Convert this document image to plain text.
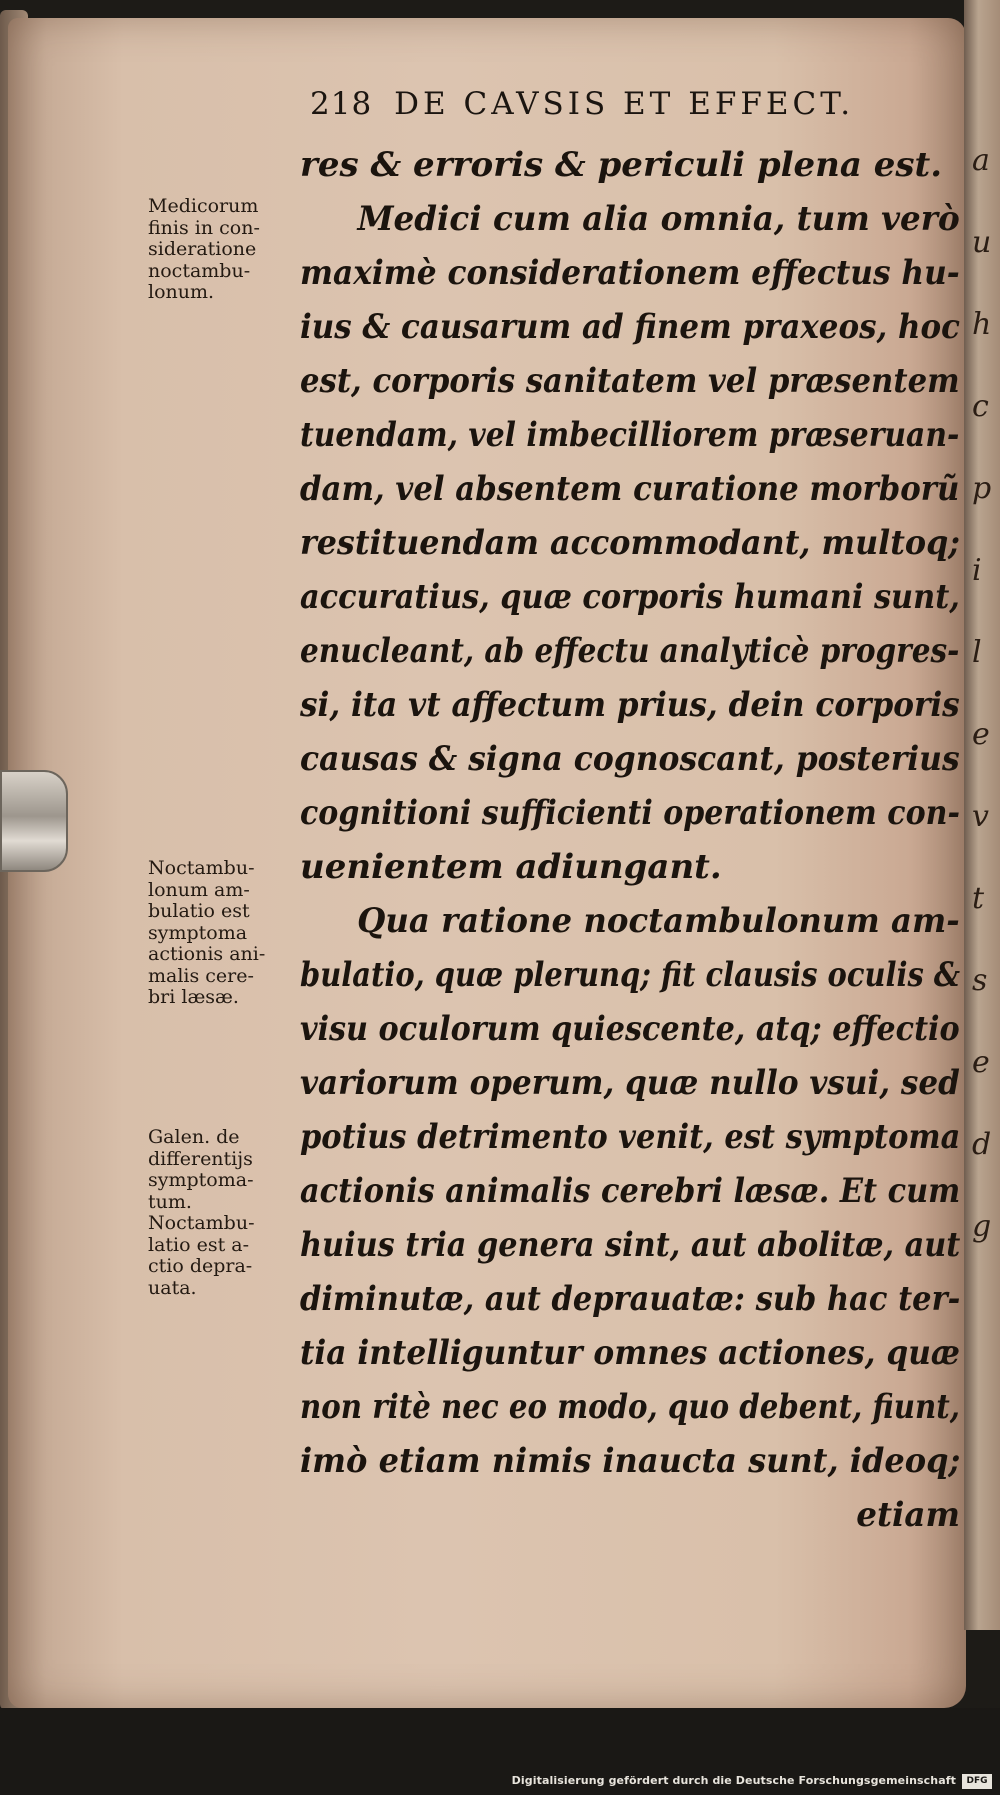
a
u
h
c
p
i
l
e
v
t
s
e
d
g
218 DE CAVSIS ET EFFECT.
res & erroris & periculi plena est.
Medici cum alia omnia, tum verò
maximè considerationem effectus hu-
ius & causarum ad finem praxeos, hoc
est, corporis sanitatem vel præsentem
tuendam, vel imbecilliorem præseruan-
dam, vel absentem curatione morborũ
restituendam accommodant, multoq;
accuratius, quæ corporis humani sunt,
enucleant, ab effectu analyticè progres-
si, ita vt affectum prius, dein corporis
causas & signa cognoscant, posterius
cognitioni sufficienti operationem con-
uenientem adiungant.
Qua ratione noctambulonum am-
bulatio, quæ plerunq; fit clausis oculis &
visu oculorum quiescente, atq; effectio
variorum operum, quæ nullo vsui, sed
potius detrimento venit, est symptoma
actionis animalis cerebri læsæ. Et cum
huius tria genera sint, aut abolitæ, aut
diminutæ, aut deprauatæ: sub hac ter-
tia intelliguntur omnes actiones, quæ
non ritè nec eo modo, quo debent, fiunt,
imò etiam nimis inaucta sunt, ideoq;
etiam
Medicorum
finis in con-
sideratione
noctambu-
lonum.
Noctambu-
lonum am-
bulatio est
symptoma
actionis ani-
malis cere-
bri læsæ.
Galen. de
differentijs
symptoma-
tum.
Noctambu-
latio est a-
ctio depra-
uata.
Digitalisierung gefördert durch die Deutsche Forschungsgemeinschaft	DFG
